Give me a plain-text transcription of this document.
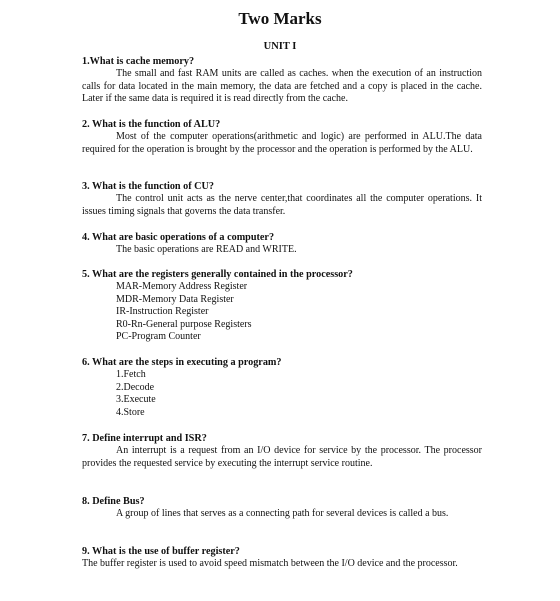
Two Marks
UNIT I
1.What is cache memory?
The small and fast RAM units are called as caches. when the execution of an instruction calls for data located in the main memory, the data are fetched and a copy is placed in the cache. Later if the same data is required it is read directly from the cache.
2. What is the function of ALU?
Most of the computer operations(arithmetic and logic) are performed in ALU.The data required for the operation is brought by the processor and the operation is performed by the ALU.
3. What is the function of CU?
The control unit acts as the nerve center,that coordinates all the computer operations. It issues timing signals that governs the data transfer.
4. What are basic operations of a computer?
The basic operations are READ and WRITE.
5. What are the registers generally contained in the processor?
MAR-Memory Address Register
MDR-Memory Data Register
IR-Instruction Register
R0-Rn-General purpose Registers
PC-Program Counter
6. What are the steps in executing a program?
1.Fetch
2.Decode
3.Execute
4.Store
7. Define interrupt and ISR?
An interrupt is a request from an I/O device for service by the processor. The processor provides the requested service by executing the interrupt service routine.
8. Define Bus?
A group of lines that serves as a connecting path for several devices is called a bus.
9. What is the use of buffer register?
The buffer register is used to avoid speed mismatch between the I/O device and the processor.
